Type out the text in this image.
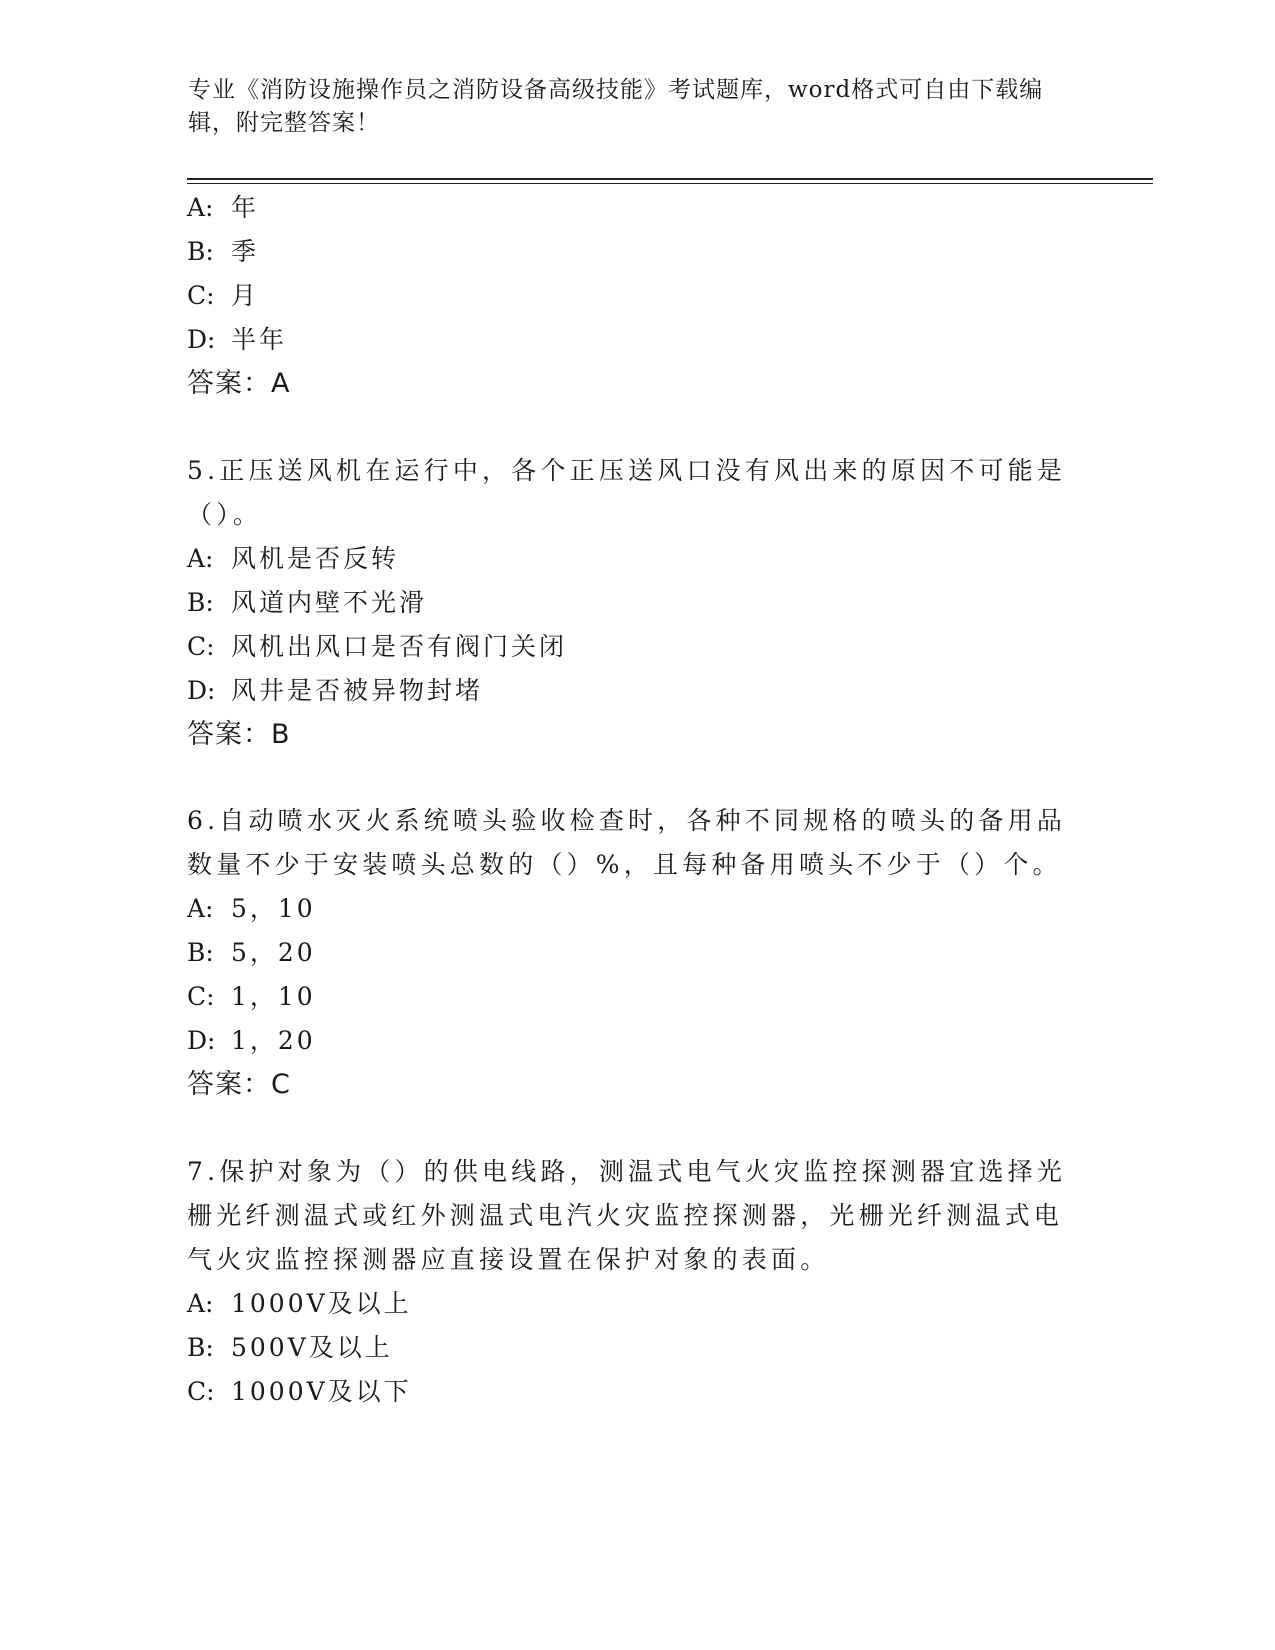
专业《消防设施操作员之消防设备高级技能》考试题库，word格式可自由下载编
辑，附完整答案！
A: 年
B: 季
C: 月
D: 半年
答案：A
5.正压送风机在运行中，各个正压送风口没有风出来的原因不可能是
（）。
A: 风机是否反转
B: 风道内壁不光滑
C: 风机出风口是否有阀门关闭
D: 风井是否被异物封堵
答案：B
6.自动喷水灭火系统喷头验收检查时，各种不同规格的喷头的备用品
数量不少于安装喷头总数的（）%，且每种备用喷头不少于（）个。
A: 5，10
B: 5，20
C: 1，10
D: 1，20
答案：C
7.保护对象为（）的供电线路，测温式电气火灾监控探测器宜选择光
栅光纤测温式或红外测温式电汽火灾监控探测器，光栅光纤测温式电
气火灾监控探测器应直接设置在保护对象的表面。
A: 1000V及以上
B: 500V及以上
C: 1000V及以下
